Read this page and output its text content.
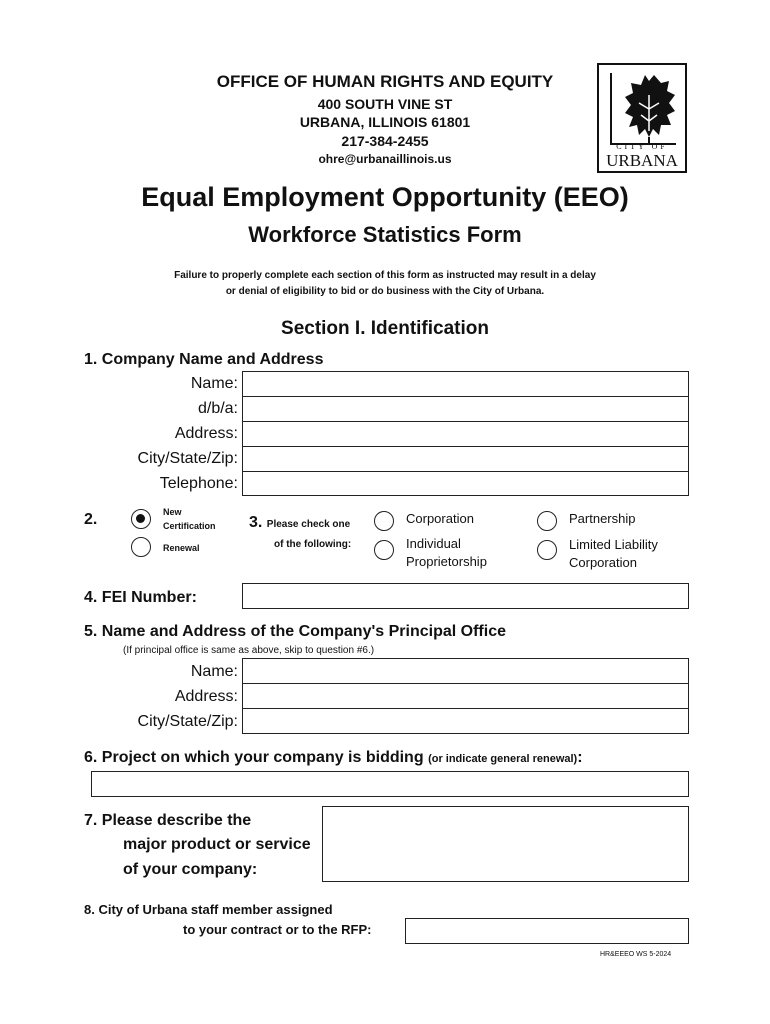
OFFICE OF HUMAN RIGHTS AND EQUITY
400 SOUTH VINE ST
URBANA, ILLINOIS 61801
217-384-2455
ohre@urbanaillinois.us
CITY OF
URBANA
Equal Employment Opportunity (EEO)
Workforce Statistics Form
Failure to properly complete each section of this form as instructed may result in a delay
or denial of eligibility to bid or do business with the City of Urbana.
Section I. Identification
1. Company Name and Address
Name:
d/b/a:
Address:
City/State/Zip:
Telephone:
2.	New
Certification
Renewal
3. Please check one
of the following:
Corporation	Partnership
Individual
Proprietorship
Limited Liability
Corporation
4. FEI Number:
5. Name and Address of the Company's Principal Office
(If principal office is same as above, skip to question #6.)
Name:
Address:
City/State/Zip:
6. Project on which your company is bidding (or indicate general renewal):
7. Please describe the
major product or service
of your company:
8. City of Urbana staff member assigned
to your contract or to the RFP:
HR&EEEO WS 5-2024
